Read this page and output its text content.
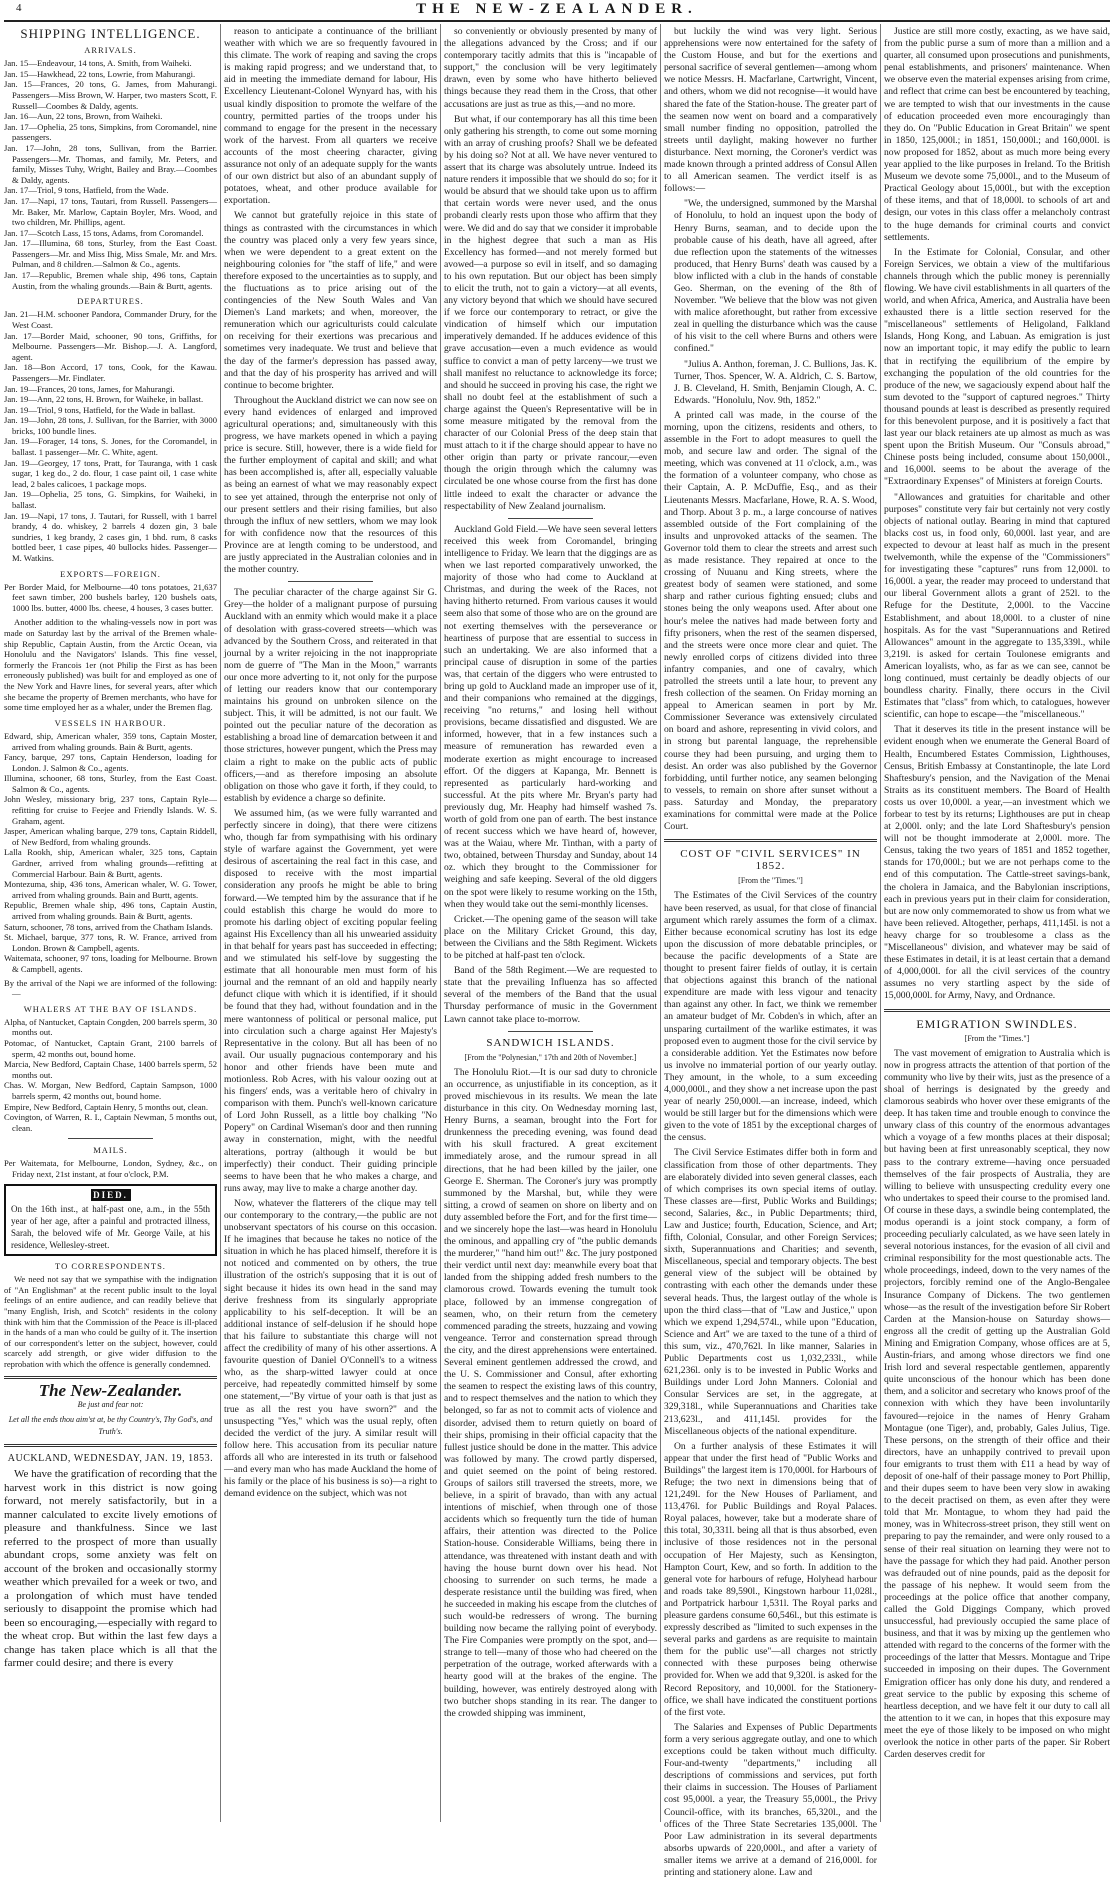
4	THE NEW-ZEALANDER.
SHIPPING INTELLIGENCE.
ARRIVALS.
Jan. 15—Endeavour, 14 tons, A. Smith, from Waiheki.
Jan. 15—Hawkhead, 22 tons, Lowrie, from Mahurangi.
Jan. 15—Frances, 20 tons, G. James, from Mahurangi. Passengers—Miss Brown, W. Harper, two masters Scott, F. Russell—Coombes & Daldy, agents.
Jan. 16—Aun, 22 tons, Brown, from Waiheki.
Jan. 17—Ophelia, 25 tons, Simpkins, from Coromandel, nine passengers.
Jan. 17—John, 28 tons, Sullivan, from the Barrier. Passengers—Mr. Thomas, and family, Mr. Peters, and family, Misses Tuhy, Wright, Bailey and Bray.—Coombes & Daldy, agents.
Jan. 17—Triol, 9 tons, Hatfield, from the Wade.
Jan. 17—Napi, 17 tons, Tautari, from Russell. Passengers—Mr. Baker, Mr. Marlow, Captain Boyler, Mrs. Wood, and two children, Mr. Phillips, agent.
Jan. 17—Scotch Lass, 15 tons, Adams, from Coromandel.
Jan. 17—Illumina, 68 tons, Sturley, from the East Coast. Passengers—Mr. and Miss Ihig, Miss Smale, Mr. and Mrs. Pulman, and 8 children.—Salmon & Co., agents.
Jan. 17—Republic, Bremen whale ship, 496 tons, Captain Austin, from the whaling grounds.—Bain & Burtt, agents.
DEPARTURES.
Jan. 21—H.M. schooner Pandora, Commander Drury, for the West Coast.
Jan. 17—Border Maid, schooner, 90 tons, Griffiths, for Melbourne. Passengers—Mr. Bishop.—J. A. Langford, agent.
Jan. 18—Bon Accord, 17 tons, Cook, for the Kawau. Passengers—Mr. Findlater.
Jan. 19—Frances, 20 tons, James, for Mahurangi.
Jan. 19—Ann, 22 tons, H. Brown, for Waiheke, in ballast.
Jan. 19—Triol, 9 tons, Hatfield, for the Wade in ballast.
Jan. 19—John, 28 tons, J. Sullivan, for the Barrier, with 3000 bricks, 100 bundle lines.
Jan. 19—Forager, 14 tons, S. Jones, for the Coromandel, in ballast. 1 passenger—Mr. C. White, agent.
Jan. 19—Georgey, 17 tons, Pratt, for Tauranga, with 1 cask sugar, 1 keg do., 2 do. flour, 1 case paint oil, 1 case white lead, 2 bales calicoes, 1 package mops.
Jan. 19—Ophelia, 25 tons, G. Simpkins, for Waiheki, in ballast.
Jan. 19—Napi, 17 tons, J. Tautari, for Russell, with 1 barrel brandy, 4 do. whiskey, 2 barrels 4 dozen gin, 3 bale sundries, 1 keg brandy, 2 cases gin, 1 bhd. rum, 8 casks bottled beer, 1 case pipes, 40 bullocks hides. Passenger—M. Watkins.
EXPORTS—FOREIGN.
Per Border Maid, for Melbourne—40 tons potatoes, 21,637 feet sawn timber, 200 bushels barley, 120 bushels oats, 1000 lbs. butter, 4000 lbs. cheese, 4 houses, 3 cases butter.

Another addition to the whaling-vessels now in port was made on Saturday last by the arrival of the Bremen whale-ship Republic, Captain Austin, from the Arctic Ocean, via Honolulu and the Navigators' Islands. This fine vessel, formerly the Francois 1er (not Philip the First as has been erroneously published) was built for and employed as one of the New York and Havre lines, for several years, after which she became the property of Bremen merchants, who have for some time employed her as a whaler, under the Bremen flag.

VESSELS IN HARBOUR.
Edward, ship, American whaler, 359 tons, Captain Moster, arrived from whaling grounds. Bain & Burtt, agents.
Fancy, barque, 297 tons, Captain Henderson, loading for London. J. Salmon & Co., agents.
Illumina, schooner, 68 tons, Sturley, from the East Coast. Salmon & Co., agents.
John Wesley, missionary brig, 237 tons, Captain Ryle—refitting for cruise to Feejee and Friendly Islands. W. S. Graham, agent.
Jasper, American whaling barque, 279 tons, Captain Riddell, of New Bedford, from whaling grounds.
Lalla Rookh, ship, American whaler, 325 tons, Captain Gardner, arrived from whaling grounds—refitting at Commercial Harbour. Bain & Burtt, agents.
Montezuma, ship, 436 tons, American whaler, W. G. Tower, arrived from whaling grounds. Bain and Burtt, agents.
Republic, Bremen whale ship, 496 tons, Captain Austin, arrived from whaling grounds. Bain & Burtt, agents.
Saturn, schooner, 78 tons, arrived from the Chatham Islands.
St. Michael, barque, 377 tons, R. W. France, arrived from London. Brown & Campbell, agents.
Waitemata, schooner, 97 tons, loading for Melbourne. Brown & Campbell, agents.
By the arrival of the Napi we are informed of the following:—
WHALERS AT THE BAY OF ISLANDS.
Alpha, of Nantucket, Captain Congden, 200 barrels sperm, 30 months out.
Potomac, of Nantucket, Captain Grant, 2100 barrels of sperm, 42 months out, bound home.
Marcia, New Bedford, Captain Chase, 1400 barrels sperm, 52 months out.
Chas. W. Morgan, New Bedford, Captain Sampson, 1000 barrels sperm, 42 months out, bound home.
Empire, New Bedford, Captain Henry, 5 months out, clean.
Covington, of Warren, R. I., Captain Newman, 5 months out, clean.
MAILS.
Per Waitemata, for Melbourne, London, Sydney, &c., on Friday next, 21st instant, at four o'clock, P.M.
DIED.
On the 16th inst., at half-past one, a.m., in the 55th year of her age, after a painful and protracted illness, Sarah, the beloved wife of Mr. George Vaile, at his residence, Wellesley-street.
TO CORRESPONDENTS.

We need not say that we sympathise with the indignation of "An Englishman" at the recent public insult to the loyal feelings of an entire audience, and can readily believe that "many English, Irish, and Scotch" residents in the colony think with him that the Commission of the Peace is ill-placed in the hands of a man who could be guilty of it. The insertion of our correspondent's letter on the subject, however, could scarcely add strength, or give wider diffusion to the reprobation with which the offence is generally condemned.

The New-Zealander.
Be just and fear not:
Let all the ends thou aim'st at, be thy Country's, Thy God's, and Truth's.
AUCKLAND, WEDNESDAY, JAN. 19, 1853.

We have the gratification of recording that the harvest work in this district is now going forward, not merely satisfactorily, but in a manner calculated to excite lively emotions of pleasure and thankfulness. Since we last referred to the prospect of more than usually abundant crops, some anxiety was felt on account of the broken and occasionally stormy weather which prevailed for a week or two, and a prolongation of which must have tended seriously to disappoint the promise which had been so encouraging,—especially with regard to the wheat crop. But within the last few days a change has taken place which is all that the farmer could desire; and there is every

reason to anticipate a continuance of the brilliant weather with which we are so frequently favoured in this climate. The work of reaping and saving the crops is making rapid progress; and we understand that, to aid in meeting the immediate demand for labour, His Excellency Lieutenant-Colonel Wynyard has, with his usual kindly disposition to promote the welfare of the country, permitted parties of the troops under his command to engage for the present in the necessary work of the harvest. From all quarters we receive accounts of the most cheering character, giving assurance not only of an adequate supply for the wants of our own district but also of an abundant supply of potatoes, wheat, and other produce available for exportation.

We cannot but gratefully rejoice in this state of things as contrasted with the circumstances in which the country was placed only a very few years since, when we were dependent to a great extent on the neighbouring colonies for "the staff of life," and were therefore exposed to the uncertainties as to supply, and the fluctuations as to price arising out of the contingencies of the New South Wales and Van Diemen's Land markets; and when, moreover, the remuneration which our agriculturists could calculate on receiving for their exertions was precarious and sometimes very inadequate. We trust and believe that the day of the farmer's depression has passed away, and that the day of his prosperity has arrived and will continue to become brighter.

Throughout the Auckland district we can now see on every hand evidences of enlarged and improved agricultural operations; and, simultaneously with this progress, we have markets opened in which a paying price is secure. Still, however, there is a wide field for the further employment of capital and skill; and what has been accomplished is, after all, especially valuable as being an earnest of what we may reasonably expect to see yet attained, through the enterprise not only of our present settlers and their rising families, but also through the influx of new settlers, whom we may look for with confidence now that the resources of this Province are at length coming to be understood, and are justly appreciated in the Australian colonies and in the mother country.

The peculiar character of the charge against Sir G. Grey—the holder of a malignant purpose of pursuing Auckland with an enmity which would make it a place of desolation with grass-covered streets—which was advanced by the Southern Cross, and reiterated in that journal by a writer rejoicing in the not inappropriate nom de guerre of "The Man in the Moon," warrants our once more adverting to it, not only for the purpose of letting our readers know that our contemporary maintains his ground on unbroken silence on the subject. This, it will be admitted, is not our fault. We pointed out the peculiar nature of the decoration as establishing a broad line of demarcation between it and those strictures, however pungent, which the Press may claim a right to make on the public acts of public officers,—and as therefore imposing an absolute obligation on those who gave it forth, if they could, to establish by evidence a charge so definite.

We assumed him, (as we were fully warranted and perfectly sincere in doing), that there were citizens who, though far from sympathising with his ordinary style of warfare against the Government, yet were desirous of ascertaining the real fact in this case, and disposed to receive with the most impartial consideration any proofs he might be able to bring forward.—We tempted him by the assurance that if he could establish this charge he would do more to promote his darling object of exciting popular feeling against His Excellency than all his unwearied assiduity in that behalf for years past has succeeded in effecting; and we stimulated his self-love by suggesting the estimate that all honourable men must form of his journal and the remnant of an old and happily nearly defunct clique with which it is identified, if it should be found that they had, without foundation and in the mere wantonness of political or personal malice, put into circulation such a charge against Her Majesty's Representative in the colony. But all has been of no avail. Our usually pugnacious contemporary and his honor and other friends have been mute and motionless. Rob Acres, with his valour oozing out at his fingers' ends, was a veritable hero of chivalry in comparison with them. Punch's well-known caricature of Lord John Russell, as a little boy chalking "No Popery" on Cardinal Wiseman's door and then running away in consternation, might, with the needful alterations, portray (although it would be but imperfectly) their conduct. Their guiding principle seems to have been that he who makes a charge, and runs away, may live to make a charge another day.

Now, whatever the flatterers of the clique may tell our contemporary to the contrary,—the public are not unobservant spectators of his course on this occasion. If he imagines that because he takes no notice of the situation in which he has placed himself, therefore it is not noticed and commented on by others, the true illustration of the ostrich's supposing that it is out of sight because it hides its own head in the sand may derive freshness from its singularly appropriate applicability to his self-deception. It will be an additional instance of self-delusion if he should hope that his failure to substantiate this charge will not affect the credibility of many of his other assertions. A favourite question of Daniel O'Connell's to a witness who, as the sharp-witted lawyer could at once perceive, had repeatedly committed himself by some one statement,—"By virtue of your oath is that just as true as all the rest you have sworn?" and the unsuspecting "Yes," which was the usual reply, often decided the verdict of the jury. A similar result will follow here. This accusation from its peculiar nature affords all who are interested in its truth or falsehood—and every man who has made Auckland the home of his family or the place of his business is so)—a right to demand evidence on the subject, which was not

so conveniently or obviously presented by many of the allegations advanced by the Cross; and if our contemporary tacitly admits that this is "incapable of support," the conclusion will be very legitimately drawn, even by some who have hitherto believed things because they read them in the Cross, that other accusations are just as true as this,—and no more.

But what, if our contemporary has all this time been only gathering his strength, to come out some morning with an array of crushing proofs? Shall we be defeated by his doing so? Not at all. We have never ventured to assert that its charge was absolutely untrue. Indeed its nature renders it impossible that we should do so; for it would be absurd that we should take upon us to affirm that certain words were never used, and the onus probandi clearly rests upon those who affirm that they were. We did and do say that we consider it improbable in the highest degree that such a man as His Excellency has formed—and not merely formed but avowed—a purpose so evil in itself, and so damaging to his own reputation. But our object has been simply to elicit the truth, not to gain a victory—at all events, any victory beyond that which we should have secured if we force our contemporary to retract, or give the vindication of himself which our imputation imperatively demanded. If he adduces evidence of this grave accusation—even a much evidence as would suffice to convict a man of petty larceny—we trust we shall manifest no reluctance to acknowledge its force; and should he succeed in proving his case, the right we shall no doubt feel at the establishment of such a charge against the Queen's Representative will be in some measure mitigated by the removal from the character of our Colonial Press of the deep stain that must attach to it if the charge should appear to have no other origin than party or private rancour,—even though the origin through which the calumny was circulated be one whose course from the first has done little indeed to exalt the character or advance the respectability of New Zealand journalism.

Auckland Gold Field.—We have seen several letters received this week from Coromandel, bringing intelligence to Friday. We learn that the diggings are as when we last reported comparatively unworked, the majority of those who had come to Auckland at Christmas, and during the week of the Races, not having hitherto returned. From various causes it would seem also that some of those who are on the ground are not exerting themselves with the perseverance or heartiness of purpose that are essential to success in such an undertaking. We are also informed that a principal cause of disruption in some of the parties was, that certain of the diggers who were entrusted to bring up gold to Auckland made an improper use of it, and their companions who remained at the diggings, receiving "no returns," and losing hell without provisions, became dissatisfied and disgusted. We are informed, however, that in a few instances such a measure of remuneration has rewarded even a moderate exertion as might encourage to increased effort. Of the diggers at Kapanga, Mr. Bennett is represented as particularly hard-working and successful. At the pits where Mr. Bryan's party had previously dug, Mr. Heaphy had himself washed 7s. worth of gold from one pan of earth. The best instance of recent success which we have heard of, however, was at the Waiau, where Mr. Tinthan, with a party of two, obtained, between Thursday and Sunday, about 14 oz. which they brought to the Commissioner for weighing and safe keeping. Several of the old diggers on the spot were likely to resume working on the 15th, when they would take out the semi-monthly licenses.

Cricket.—The opening game of the season will take place on the Military Cricket Ground, this day, between the Civilians and the 58th Regiment. Wickets to be pitched at half-past ten o'clock.

Band of the 58th Regiment.—We are requested to state that the prevailing Influenza has so affected several of the members of the Band that the usual Thursday performance of music in the Government Lawn cannot take place to-morrow.

SANDWICH ISLANDS.
[From the "Polynesian," 17th and 20th of November.]

The Honolulu Riot.—It is our sad duty to chronicle an occurrence, as unjustifiable in its conception, as it proved mischievous in its results. We mean the late disturbance in this city. On Wednesday morning last, Henry Burns, a seaman, brought into the Fort for drunkenness the preceding evening, was found dead with his skull fractured. A great excitement immediately arose, and the rumour spread in all directions, that he had been killed by the jailer, one George E. Sherman. The Coroner's jury was promptly summoned by the Marshal, but, while they were sitting, a crowd of seamen on shore on liberty and on duty assembled before the Fort, and for the first time—and we sincerely hope the last—was heard in Honolulu the ominous, and appalling cry of "the public demands the murderer," "hand him out!" &c. The jury postponed their verdict until next day: meanwhile every boat that landed from the shipping added fresh numbers to the clamorous crowd. Towards evening the tumult took place, followed by an immense congregation of seamen, who, on their return from the cemetery commenced parading the streets, huzzaing and vowing vengeance. Terror and consternation spread through the city, and the direst apprehensions were entertained. Several eminent gentlemen addressed the crowd, and the U. S. Commissioner and Consul, after exhorting the seamen to respect the existing laws of this country, and to respect themselves and the nation to which they belonged, so far as not to commit acts of violence and disorder, advised them to return quietly on board of their ships, promising in their official capacity that the fullest justice should be done in the matter. This advice was followed by many. The crowd partly dispersed, and quiet seemed on the point of being restored. Groups of sailors still traversed the streets, more, we believe, in a spirit of bravado, than with any actual intentions of mischief, when through one of those accidents which so frequently turn the tide of human affairs, their attention was directed to the Police Station-house. Considerable Williams, being there in attendance, was threatened with instant death and with having the house burnt down over his head. Not choosing to surrender on such terms, he made a desperate resistance until the building was fired, when he succeeded in making his escape from the clutches of such would-be redressers of wrong. The burning building now became the rallying point of everybody. The Fire Companies were promptly on the spot, and—strange to tell—many of those who had cheered on the perpetration of the outrage, worked afterwards with a hearty good will at the brakes of the engine. The building, however, was entirely destroyed along with two butcher shops standing in its rear. The danger to the crowded shipping was imminent,

but luckily the wind was very light. Serious apprehensions were now entertained for the safety of the Custom House, and but for the exertions and personal sacrifice of several gentlemen—among whom we notice Messrs. H. Macfarlane, Cartwright, Vincent, and others, whom we did not recognise—it would have shared the fate of the Station-house. The greater part of the seamen now went on board and a comparatively small number finding no opposition, patrolled the streets until daylight, making however no further disturbance. Next morning, the Coroner's verdict was made known through a printed address of Consul Allen to all American seamen. The verdict itself is as follows:—

"We, the undersigned, summoned by the Marshal of Honolulu, to hold an inquest upon the body of Henry Burns, seaman, and to decide upon the probable cause of his death, have all agreed, after due reflection upon the statements of the witnesses produced, that Henry Burns' death was caused by a blow inflicted with a club in the hands of constable Geo. Sherman, on the evening of the 8th of November. "We believe that the blow was not given with malice aforethought, but rather from excessive zeal in quelling the disturbance which was the cause of his visit to the cell where Burns and others were confined."

"Julius A. Anthon, foreman, J. C. Bullions, Jas. K. Turner, Thos. Spencer, W. A. Aldrich, C. S. Bartow, J. B. Cleveland, H. Smith, Benjamin Clough, A. C. Edwards. "Honolulu, Nov. 9th, 1852."

A printed call was made, in the course of the morning, upon the citizens, residents and others, to assemble in the Fort to adopt measures to quell the mob, and secure law and order. The signal of the meeting, which was convened at 11 o'clock, a.m., was the formation of a volunteer company, who chose as their Captain, A. P. McDuffie, Esq., and as their Lieutenants Messrs. Macfarlane, Howe, R. A. S. Wood, and Thorp. About 3 p. m., a large concourse of natives assembled outside of the Fort complaining of the insults and unprovoked attacks of the seamen. The Governor told them to clear the streets and arrest such as made resistance. They repaired at once to the crossing of Nuuanu and King streets, where the greatest body of seamen were stationed, and some sharp and rather curious fighting ensued; clubs and stones being the only weapons used. After about one hour's melee the natives had made between forty and fifty prisoners, when the rest of the seamen dispersed, and the streets were once more clear and quiet. The newly enrolled corps of citizens divided into three infantry companies, and one of cavalry, which patrolled the streets until a late hour, to prevent any fresh collection of the seamen. On Friday morning an appeal to American seamen in port by Mr. Commissioner Severance was extensively circulated on board and ashore, representing in vivid colors, and in strong but parental language, the reprehensible course they had been pursuing, and urging them to desist. An order was also published by the Governor forbidding, until further notice, any seamen belonging to vessels, to remain on shore after sunset without a pass. Saturday and Monday, the preparatory examinations for committal were made at the Police Court.

COST OF "CIVIL SERVICES" IN 1852.
[From the "Times."]

The Estimates of the Civil Services of the country have been reserved, as usual, for that close of financial argument which rarely assumes the form of a climax. Either because economical scrutiny has lost its edge upon the discussion of more debatable principles, or because the pacific developments of a State are thought to present fairer fields of outlay, it is certain that objections against this branch of the national expenditure are made with less vigour and tenacity than against any other. In fact, we think we remember an amateur budget of Mr. Cobden's in which, after an unsparing curtailment of the warlike estimates, it was proposed even to augment those for the civil service by a considerable addition. Yet the Estimates now before us involve no immaterial portion of our yearly outlay. They amount, in the whole, to a sum exceeding 4,000,000l., and they show a net increase upon the past year of nearly 250,000l.—an increase, indeed, which would be still larger but for the dimensions which were given to the vote of 1851 by the exceptional charges of the census.

The Civil Service Estimates differ both in form and classification from those of other departments. They are elaborately divided into seven general classes, each of which comprises its own special items of outlay. These classes are—first, Public Works and Buildings; second, Salaries, &c., in Public Departments; third, Law and Justice; fourth, Education, Science, and Art; fifth, Colonial, Consular, and other Foreign Services; sixth, Superannuations and Charities; and seventh, Miscellaneous, special and temporary objects. The best general view of the subject will be obtained by contrasting with each other the demands under these several heads. Thus, the largest outlay of the whole is upon the third class—that of "Law and Justice," upon which we expend 1,294,574l., while upon "Education, Science and Art" we are taxed to the tune of a third of this sum, viz., 470,762l. In like manner, Salaries in Public Departments cost us 1,032,233l., while 621,236l. only is to be invested in Public Works and Buildings under Lord John Manners. Colonial and Consular Services are set, in the aggregate, at 329,318l., while Superannuations and Charities take 213,623l., and 411,145l. provides for the Miscellaneous objects of the national expenditure.

On a further analysis of these Estimates it will appear that under the first head of "Public Works and Buildings" the largest item is 170,000l. for Harbours of Refuge; the two next in dimensions being that of 121,249l. for the New Houses of Parliament, and 113,476l. for Public Buildings and Royal Palaces. Royal palaces, however, take but a moderate share of this total, 30,331l. being all that is thus absorbed, even inclusive of those residences not in the personal occupation of Her Majesty, such as Kensington, Hampton Court, Kew, and so forth. In addition to the general vote for harbours of refuge, Holyhead harbour and roads take 89,590l., Kingstown harbour 11,028l., and Portpatrick harbour 1,531l. The Royal parks and pleasure gardens consume 60,546l., but this estimate is expressly described as "limited to such expenses in the several parks and gardens as are requisite to maintain them for the public use"—all charges not strictly connected with these purposes being otherwise provided for. When we add that 9,320l. is asked for the Record Repository, and 10,000l. for the Stationery-office, we shall have indicated the constituent portions of the first vote.

The Salaries and Expenses of Public Departments form a very serious aggregate outlay, and one to which exceptions could be taken without much difficulty. Four-and-twenty "departments," including all descriptions of commissions and services, put forth their claims in succession. The Houses of Parliament cost 95,000l. a year, the Treasury 55,000l., the Privy Council-office, with its branches, 65,320l., and the offices of the Three State Secretaries 135,000l. The Poor Law administration in its several departments absorbs upwards of 220,000l., and after a variety of smaller items we arrive at a demand of 216,000l. for printing and stationery alone. Law and

Justice are still more costly, exacting, as we have said, from the public purse a sum of more than a million and a quarter, all consumed upon prosecutions and punishments, penal establishments, and prisoners' maintenance. When we observe even the material expenses arising from crime, and reflect that crime can best be encountered by teaching, we are tempted to wish that our investments in the cause of education proceeded even more encouragingly than they do. On "Public Education in Great Britain" we spent in 1850, 125,000l.; in 1851, 150,000l.; and 160,000l. is now proposed for 1852, about as much more being every year applied to the like purposes in Ireland. To the British Museum we devote some 75,000l., and to the Museum of Practical Geology about 15,000l., but with the exception of these items, and that of 18,000l. to schools of art and design, our votes in this class offer a melancholy contrast to the huge demands for criminal courts and convict settlements.

In the Estimate for Colonial, Consular, and other Foreign Services, we obtain a view of the multifarious channels through which the public money is perennially flowing. We have civil establishments in all quarters of the world, and when Africa, America, and Australia have been exhausted there is a little section reserved for the "miscellaneous" settlements of Heligoland, Falkland Islands, Hong Kong, and Labuan. As emigration is just now an important topic, it may edify the public to learn that in rectifying the equilibrium of the empire by exchanging the population of the old countries for the produce of the new, we sagaciously expend about half the sum devoted to the "support of captured negroes." Thirty thousand pounds at least is described as presently required for this benevolent purpose, and it is positively a fact that last year our black retainers ate up almost as much as was spent upon the British Museum. Our "Consuls abroad," Chinese posts being included, consume about 150,000l., and 16,000l. seems to be about the average of the "Extraordinary Expenses" of Ministers at foreign Courts.

"Allowances and gratuities for charitable and other purposes" constitute very fair but certainly not very costly objects of national outlay. Bearing in mind that captured blacks cost us, in food only, 60,000l. last year, and are expected to devour at least half as much in the present twelvemonth, while the expense of the "Commissioners" for investigating these "captures" runs from 12,000l. to 16,000l. a year, the reader may proceed to understand that our liberal Government allots a grant of 252l. to the Refuge for the Destitute, 2,000l. to the Vaccine Establishment, and about 18,000l. to a cluster of nine hospitals. As for the vast "Superannuations and Retired Allowances" amount in the aggregate to 135,339l., while 3,219l. is asked for certain Toulonese emigrants and American loyalists, who, as far as we can see, cannot be long continued, must certainly be deadly objects of our boundless charity. Finally, there occurs in the Civil Estimates that "class" from which, to catalogues, however scientific, can hope to escape—the "miscellaneous."

That it deserves its title in the present instance will be evident enough when we enumerate the General Board of Health, Encumbered Estates Commission, Lighthouses, Census, British Embassy at Constantinople, the late Lord Shaftesbury's pension, and the Navigation of the Menai Straits as its constituent members. The Board of Health costs us over 10,000l. a year,—an investment which we forbear to test by its returns; Lighthouses are put in cheap at 2,000l. only; and the late Lord Shaftesbury's pension will not be thought immoderate at 2,000l. more. The Census, taking the two years of 1851 and 1852 together, stands for 170,000l.; but we are not perhaps come to the end of this computation. The Cattle-street savings-bank, the cholera in Jamaica, and the Babylonian inscriptions, each in previous years put in their claim for consideration, but are now only commemorated to show us from what we have been relieved. Altogether, perhaps, 411,145l. is not a heavy charge for so troublesome a class as the "Miscellaneous" division, and whatever may be said of these Estimates in detail, it is at least certain that a demand of 4,000,000l. for all the civil services of the country assumes no very startling aspect by the side of 15,000,000l. for Army, Navy, and Ordnance.

EMIGRATION SWINDLES.
[From the "Times."]

The vast movement of emigration to Australia which is now in progress attracts the attention of that portion of the community who live by their wits, just as the presence of a shoal of herrings is designated by the greedy and clamorous seabirds who hover over these emigrants of the deep. It has taken time and trouble enough to convince the unwary class of this country of the enormous advantages which a voyage of a few months places at their disposal; but having been at first unreasonably sceptical, they now pass to the contrary extreme—having once persuaded themselves of the fair prospects of Australia, they are willing to believe with unsuspecting credulity every one who undertakes to speed their course to the promised land. Of course in these days, a swindle being contemplated, the modus operandi is a joint stock company, a form of proceeding peculiarly calculated, as we have seen lately in several notorious instances, for the evasion of all civil and criminal responsibility for the most questionable acts. The whole proceedings, indeed, down to the very names of the projectors, forcibly remind one of the Anglo-Bengalee Insurance Company of Dickens. The two gentlemen whose—as the result of the investigation before Sir Robert Carden at the Mansion-house on Saturday shows—engross all the credit of getting up the Australian Gold Mining and Emigration Company, whose offices are at 5, Austin-friars, and among whose directors we find one Irish lord and several respectable gentlemen, apparently quite unconscious of the honour which has been done them, and a solicitor and secretary who knows proof of the connexion with which they have been involuntarily favoured—rejoice in the names of Henry Graham Montague (one Tiger), and, probably, Gales Julius, Tige. These persons, on the strength of their office and their directors, have an unhappily contrived to prevail upon four emigrants to trust them with £11 a head by way of deposit of one-half of their passage money to Port Phillip, and their dupes seem to have been very slow in awaking to the deceit practised on them, as even after they were told that Mr. Montague, to whom they had paid the money, was in Whitecross-street prison, they still went on preparing to pay the remainder, and were only roused to a sense of their real situation on learning they were not to have the passage for which they had paid. Another person was defrauded out of nine pounds, paid as the deposit for the passage of his nephew. It would seem from the proceedings at the police office that another company, called the Gold Diggings Company, which proved unsuccessful, had previously occupied the same place of business, and that it was by mixing up the gentlemen who attended with regard to the concerns of the former with the proceedings of the latter that Messrs. Montague and Tripe succeeded in imposing on their dupes. The Government Emigration officer has only done his duty, and rendered a great service to the public by exposing this scheme of heartless deception, and we have felt it our duty to call all the attention to it we can, in hopes that this exposure may meet the eye of those likely to be imposed on who might overlook the notice in other parts of the paper. Sir Robert Carden deserves credit for
